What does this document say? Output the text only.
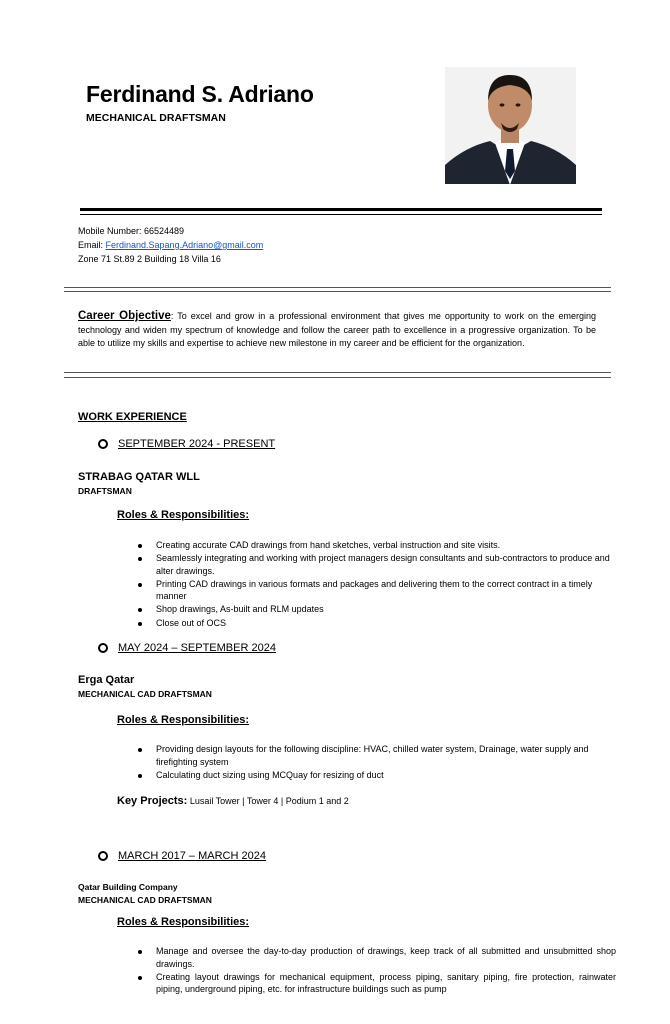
Ferdinand S. Adriano
MECHANICAL DRAFTSMAN
Mobile Number: 66524489
Email: Ferdinand.Sapang.Adriano@gmail.com
Zone 71 St.89 2 Building 18 Villa 16
Career Objective: To excel and grow in a professional environment that gives me opportunity to work on the emerging technology and widen my spectrum of knowledge and follow the career path to excellence in a progressive organization. To be able to utilize my skills and expertise to achieve new milestone in my career and be efficient for the organization.
WORK EXPERIENCE
SEPTEMBER 2024 - PRESENT
STRABAG QATAR WLL
DRAFTSMAN
Roles & Responsibilities:
Creating accurate CAD drawings from hand sketches, verbal instruction and site visits.
Seamlessly integrating and working with project managers design consultants and sub-contractors to produce and alter drawings.
Printing CAD drawings in various formats and packages and delivering them to the correct contract in a timely manner
Shop drawings, As-built and RLM updates
Close out of OCS
MAY 2024 – SEPTEMBER 2024
Erga Qatar
MECHANICAL CAD DRAFTSMAN
Roles & Responsibilities:
Providing design layouts for the following discipline: HVAC, chilled water system, Drainage, water supply and firefighting system
Calculating duct sizing using MCQuay for resizing of duct
Key Projects: Lusail Tower | Tower 4 | Podium 1 and 2
MARCH 2017 – MARCH 2024
Qatar Building Company
MECHANICAL CAD DRAFTSMAN
Roles & Responsibilities:
Manage and oversee the day-to-day production of drawings, keep track of all submitted and unsubmitted shop drawings.
Creating layout drawings for mechanical equipment, process piping, sanitary piping, fire protection, rainwater piping, underground piping, etc. for infrastructure buildings such as pump
